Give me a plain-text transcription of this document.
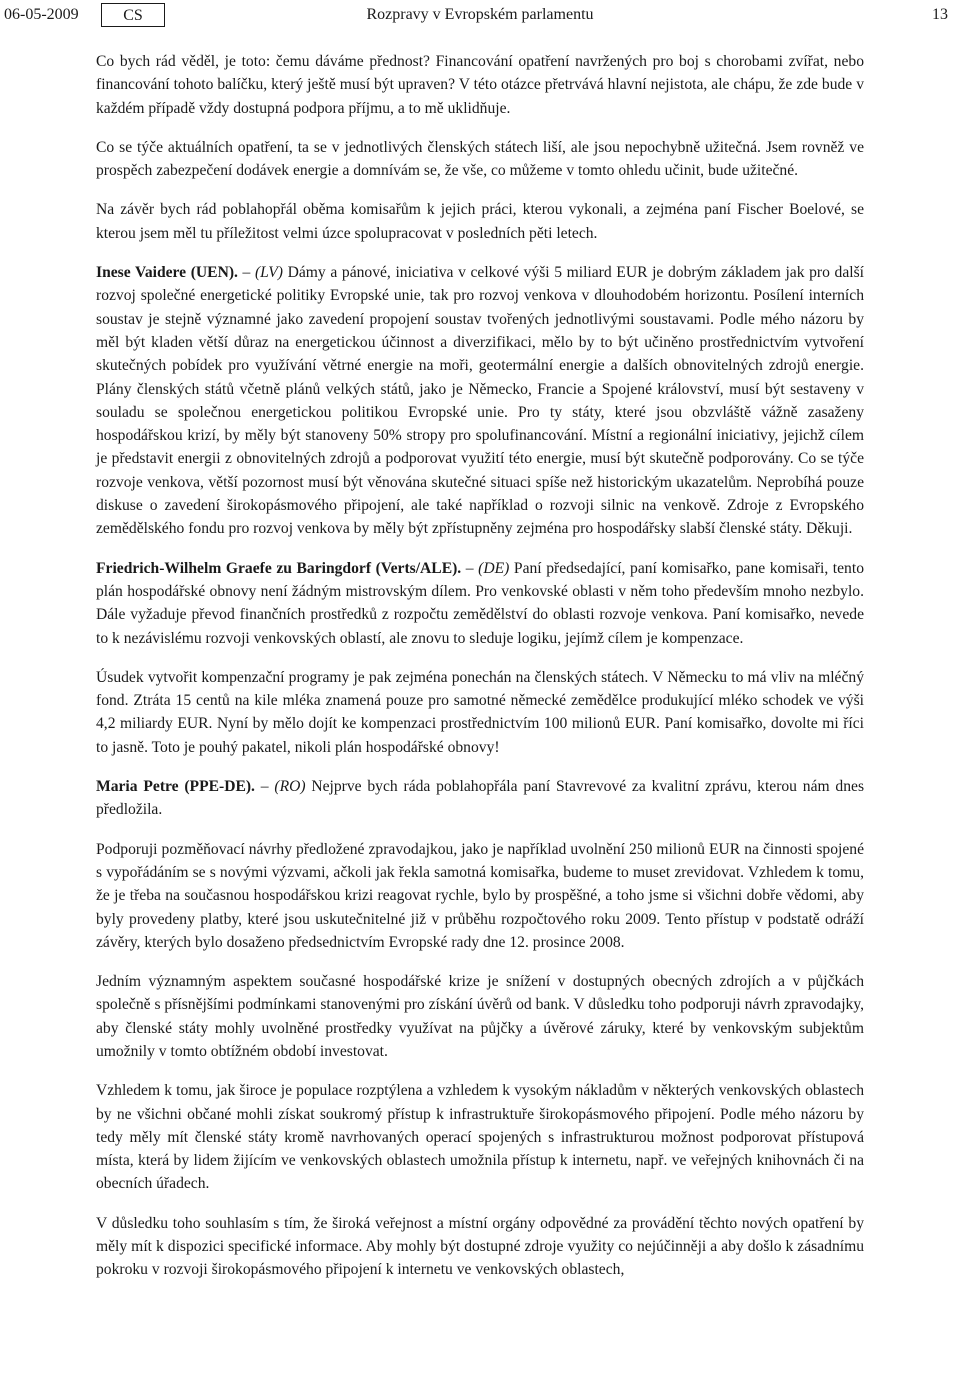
06-05-2009	CS	Rozpravy v Evropském parlamentu	13

Co bych rád věděl, je toto: čemu dáváme přednost? Financování opatření navržených pro boj s chorobami zvířat, nebo financování tohoto balíčku, který ještě musí být upraven? V této otázce přetrvává hlavní nejistota, ale chápu, že zde bude v každém případě vždy dostupná podpora příjmu, a to mě uklidňuje.

Co se týče aktuálních opatření, ta se v jednotlivých členských státech liší, ale jsou nepochybně užitečná. Jsem rovněž ve prospěch zabezpečení dodávek energie a domnívám se, že vše, co můžeme v tomto ohledu učinit, bude užitečné.

Na závěr bych rád poblahopřál oběma komisařům k jejich práci, kterou vykonali, a zejména paní Fischer Boelové, se kterou jsem měl tu příležitost velmi úzce spolupracovat v posledních pěti letech.

Inese Vaidere (UEN). – (LV) Dámy a pánové, iniciativa v celkové výši 5 miliard EUR je dobrým základem jak pro další rozvoj společné energetické politiky Evropské unie, tak pro rozvoj venkova v dlouhodobém horizontu. Posílení interních soustav je stejně významné jako zavedení propojení soustav tvořených jednotlivými soustavami. Podle mého názoru by měl být kladen větší důraz na energetickou účinnost a diverzifikaci, mělo by to být učiněno prostřednictvím vytvoření skutečných pobídek pro využívání větrné energie na moři, geotermální energie a dalších obnovitelných zdrojů energie. Plány členských států včetně plánů velkých států, jako je Německo, Francie a Spojené království, musí být sestaveny v souladu se společnou energetickou politikou Evropské unie. Pro ty státy, které jsou obzvláště vážně zasaženy hospodářskou krizí, by měly být stanoveny 50% stropy pro spolufinancování. Místní a regionální iniciativy, jejichž cílem je představit energii z obnovitelných zdrojů a podporovat využití této energie, musí být skutečně podporovány. Co se týče rozvoje venkova, větší pozornost musí být věnována skutečné situaci spíše než historickým ukazatelům. Neprobíhá pouze diskuse o zavedení širokopásmového připojení, ale také například o rozvoji silnic na venkově. Zdroje z Evropského zemědělského fondu pro rozvoj venkova by měly být zpřístupněny zejména pro hospodářsky slabší členské státy. Děkuji.

Friedrich-Wilhelm Graefe zu Baringdorf (Verts/ALE). – (DE) Paní předsedající, paní komisařko, pane komisaři, tento plán hospodářské obnovy není žádným mistrovským dílem. Pro venkovské oblasti v něm toho především mnoho nezbylo. Dále vyžaduje převod finančních prostředků z rozpočtu zemědělství do oblasti rozvoje venkova. Paní komisařko, nevede to k nezávislému rozvoji venkovských oblastí, ale znovu to sleduje logiku, jejímž cílem je kompenzace.

Úsudek vytvořit kompenzační programy je pak zejména ponechán na členských státech. V Německu to má vliv na mléčný fond. Ztráta 15 centů na kile mléka znamená pouze pro samotné německé zemědělce produkující mléko schodek ve výši 4,2 miliardy EUR. Nyní by mělo dojít ke kompenzaci prostřednictvím 100 milionů EUR. Paní komisařko, dovolte mi říci to jasně. Toto je pouhý pakatel, nikoli plán hospodářské obnovy!

Maria Petre (PPE-DE). – (RO) Nejprve bych ráda poblahopřála paní Stavrevové za kvalitní zprávu, kterou nám dnes předložila.

Podporuji pozměňovací návrhy předložené zpravodajkou, jako je například uvolnění 250 milionů EUR na činnosti spojené s vypořádáním se s novými výzvami, ačkoli jak řekla samotná komisařka, budeme to muset zrevidovat. Vzhledem k tomu, že je třeba na současnou hospodářskou krizi reagovat rychle, bylo by prospěšné, a toho jsme si všichni dobře vědomi, aby byly provedeny platby, které jsou uskutečnitelné již v průběhu rozpočtového roku 2009. Tento přístup v podstatě odráží závěry, kterých bylo dosaženo předsednictvím Evropské rady dne 12. prosince 2008.

Jedním významným aspektem současné hospodářské krize je snížení v dostupných obecných zdrojích a v půjčkách společně s přísnějšími podmínkami stanovenými pro získání úvěrů od bank. V důsledku toho podporuji návrh zpravodajky, aby členské státy mohly uvolněné prostředky využívat na půjčky a úvěrové záruky, které by venkovským subjektům umožnily v tomto obtížném období investovat.

Vzhledem k tomu, jak široce je populace rozptýlena a vzhledem k vysokým nákladům v některých venkovských oblastech by ne všichni občané mohli získat soukromý přístup k infrastruktuře širokopásmového připojení. Podle mého názoru by tedy měly mít členské státy kromě navrhovaných operací spojených s infrastrukturou možnost podporovat přístupová místa, která by lidem žijícím ve venkovských oblastech umožnila přístup k internetu, např. ve veřejných knihovnách či na obecních úřadech.

V důsledku toho souhlasím s tím, že široká veřejnost a místní orgány odpovědné za provádění těchto nových opatření by měly mít k dispozici specifické informace. Aby mohly být dostupné zdroje využity co nejúčinněji a aby došlo k zásadnímu pokroku v rozvoji širokopásmového připojení k internetu ve venkovských oblastech,
